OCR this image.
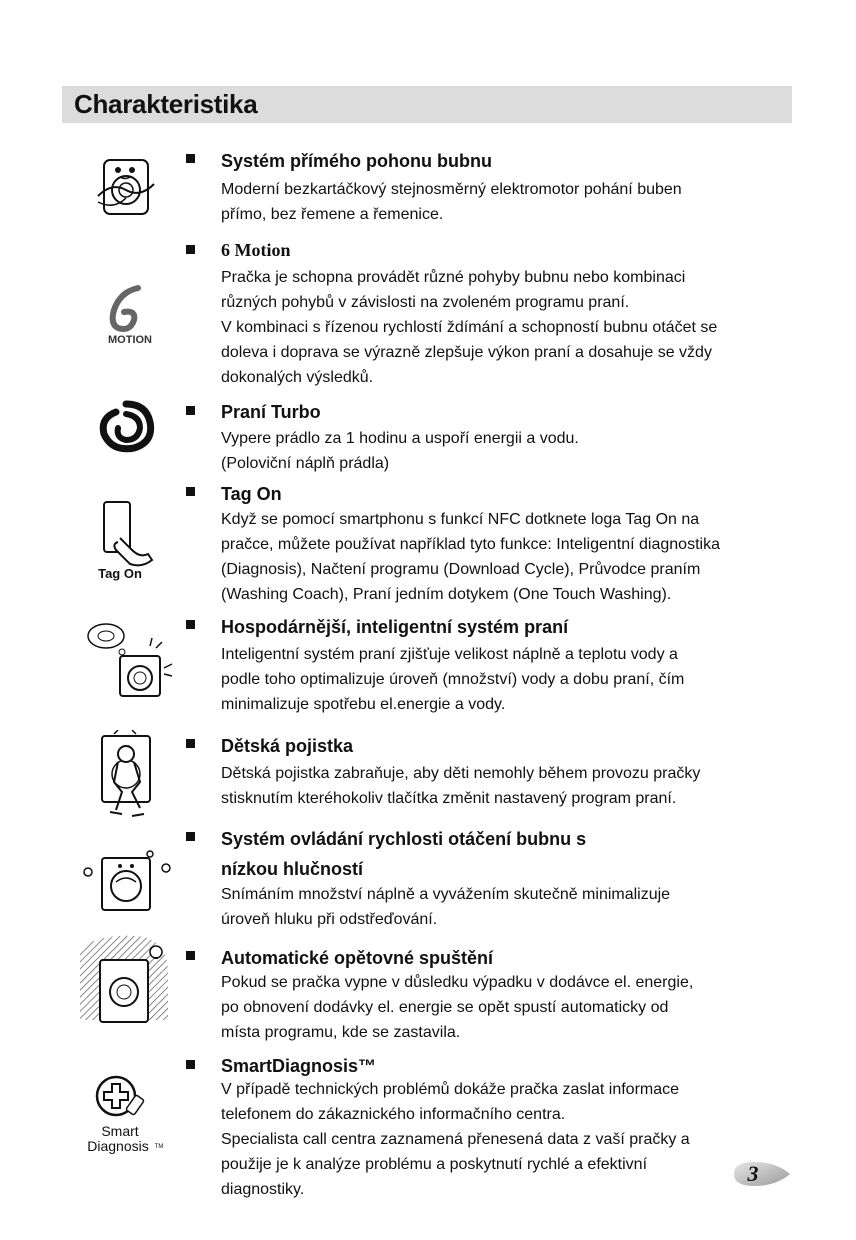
Charakteristika
Systém přímého pohonu bubnu

Moderní bezkartáčkový stejnosměrný elektromotor pohání buben
přímo, bez řemene a řemenice.

MOTION
6 Motion

Pračka je schopna provádět různé pohyby bubnu nebo kombinaci
různých pohybů v závislosti na zvoleném programu praní.
V kombinaci s řízenou rychlostí ždímání a schopností bubnu otáčet se
doleva i doprava se výrazně zlepšuje výkon praní a dosahuje se vždy
dokonalých výsledků.

Praní Turbo

Vypere prádlo za 1 hodinu a uspoří energii a vodu.
(Poloviční náplň prádla)

Tag On
Tag On

Když se pomocí smartphonu s funkcí NFC dotknete loga Tag On na
pračce, můžete používat například tyto funkce: Inteligentní diagnostika
(Diagnosis), Načtení programu (Download Cycle), Průvodce praním
(Washing Coach), Praní jedním dotykem (One Touch Washing).

Hospodárnější, inteligentní systém praní

Inteligentní systém praní zjišťuje velikost náplně a teplotu vody a
podle toho optimalizuje úroveň (množství) vody a dobu praní, čím
minimalizuje spotřebu el.energie a vody.

Dětská pojistka

Dětská pojistka zabraňuje, aby děti nemohly během provozu pračky
stisknutím kteréhokoliv tlačítka změnit nastavený program praní.

Systém ovládání rychlosti otáčení bubnu s
nízkou hlučností

Snímáním množství náplně a vyvážením skutečně minimalizuje
úroveň hluku při odstřeďování.

Automatické opětovné spuštění

Pokud se pračka vypne v důsledku výpadku v dodávce el. energie,
po obnovení dodávky el. energie se opět spustí automaticky od
místa programu, kde se zastavila.

Smart
Diagnosis TM
SmartDiagnosis™

V případě technických problémů dokáže pračka zaslat informace
telefonem do zákaznického informačního centra.
Specialista call centra zaznamená přenesená data z vaší pračky a
použije je k analýze problému a poskytnutí rychlé a efektivní
diagnostiky.

3
